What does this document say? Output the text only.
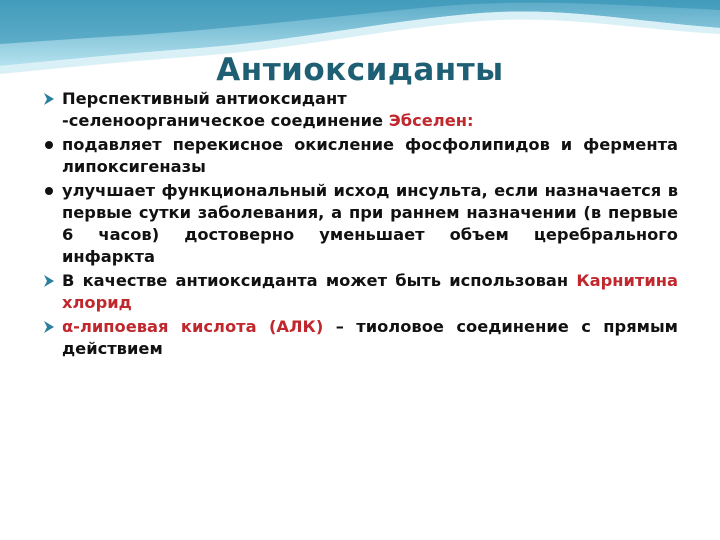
Антиоксиданты
Перспективный антиоксидант
-селеноорганическое соединение Эбселен:
подавляет перекисное окисление фосфолипидов и фермента липоксигеназы
улучшает функциональный исход инсульта, если назначается в первые сутки заболевания, а при раннем назначении (в первые 6 часов) достоверно уменьшает объем церебрального инфаркта
В качестве антиоксиданта может быть использован Карнитина хлорид
α-липоевая кислота (АЛК) – тиоловое соединение с прямым действием
